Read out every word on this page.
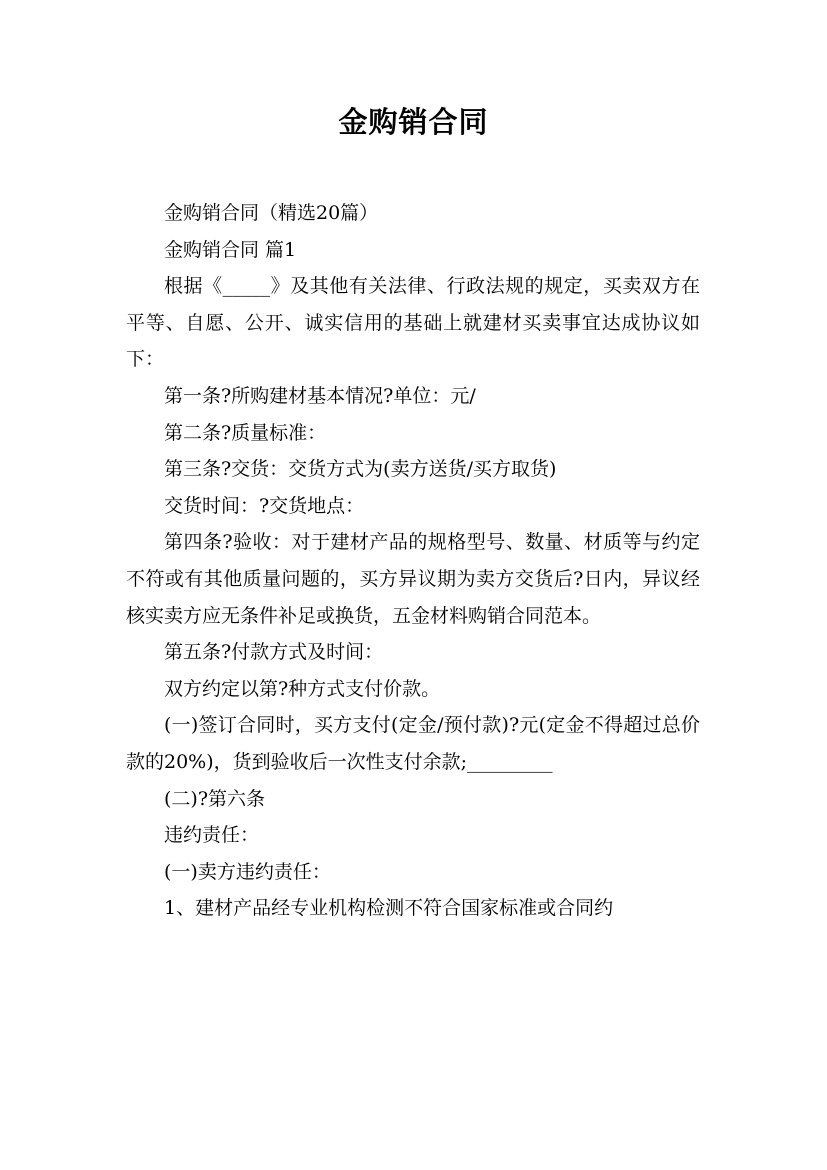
金购销合同

金购销合同（精选20篇）

金购销合同 篇1

根据《_____》及其他有关法律、行政法规的规定，买卖双方在平等、自愿、公开、诚实信用的基础上就建材买卖事宜达成协议如下：

第一条?所购建材基本情况?单位：元/

第二条?质量标准：

第三条?交货：交货方式为(卖方送货/买方取货)

交货时间：?交货地点：

第四条?验收：对于建材产品的规格型号、数量、材质等与约定不符或有其他质量问题的，买方异议期为卖方交货后?日内，异议经核实卖方应无条件补足或换货，五金材料购销合同范本。

第五条?付款方式及时间：

双方约定以第?种方式支付价款。

(一)签订合同时，买方支付(定金/预付款)?元(定金不得超过总价款的20%)，货到验收后一次性支付余款;_________

(二)?第六条

违约责任：

(一)卖方违约责任：

1、建材产品经专业机构检测不符合国家标准或合同约
